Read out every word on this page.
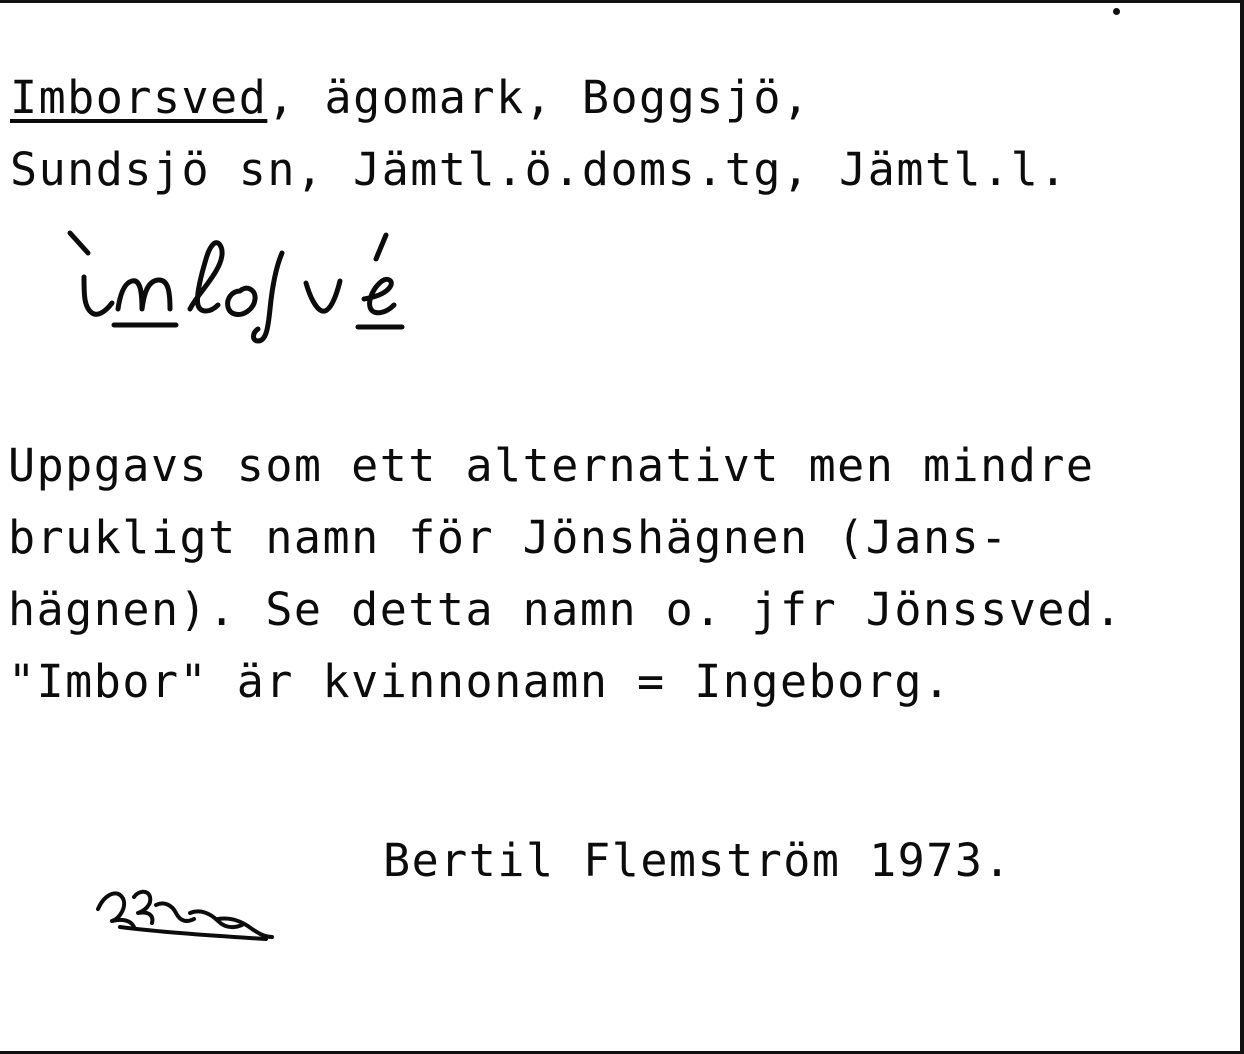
Imborsved, ägomark, Boggsjö,
Sundsjö sn, Jämtl.ö.doms.tg, Jämtl.l.
Uppgavs som ett alternativt men mindre
brukligt namn för Jönshägnen (Jans-
hägnen). Se detta namn o. jfr Jönssved.
"Imbor" är kvinnonamn = Ingeborg.
Bertil Flemström 1973.
